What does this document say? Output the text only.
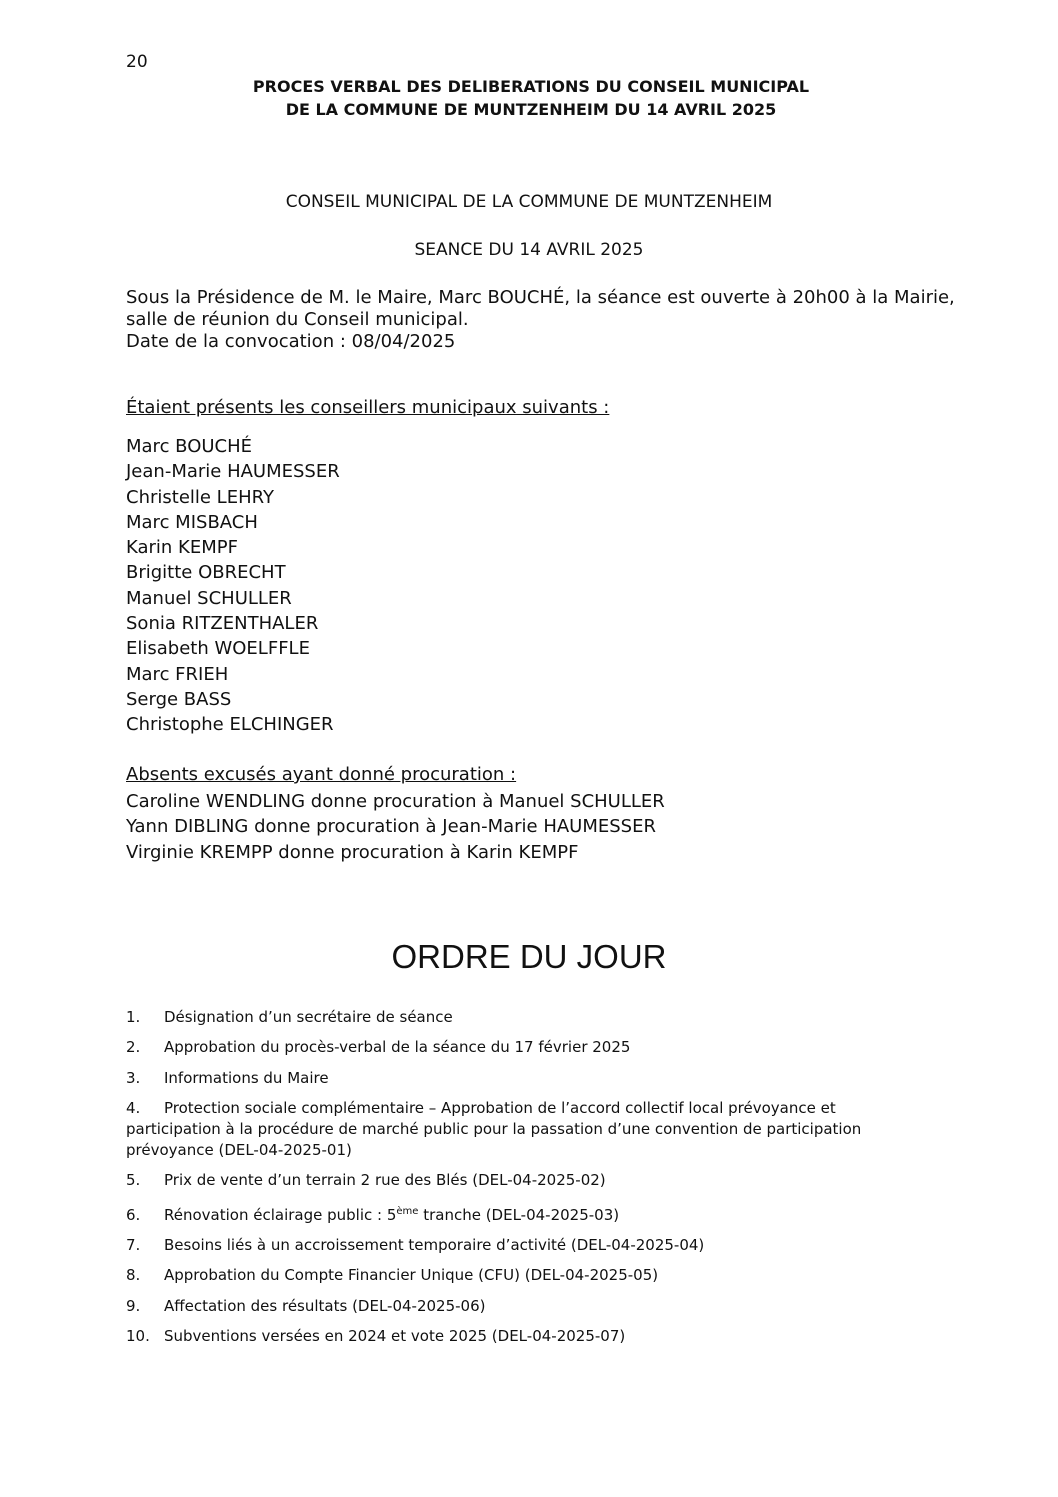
20
PROCES VERBAL DES DELIBERATIONS DU CONSEIL MUNICIPAL
DE LA COMMUNE DE MUNTZENHEIM DU 14 AVRIL 2025
CONSEIL MUNICIPAL DE LA COMMUNE DE MUNTZENHEIM
SEANCE DU 14 AVRIL 2025
Sous la Présidence de M. le Maire, Marc BOUCHÉ, la séance est ouverte à 20h00 à la Mairie,
salle de réunion du Conseil municipal.
Date de la convocation : 08/04/2025
Étaient présents les conseillers municipaux suivants :
Marc BOUCHÉ
Jean-Marie HAUMESSER
Christelle LEHRY
Marc MISBACH
Karin KEMPF
Brigitte OBRECHT
Manuel SCHULLER
Sonia RITZENTHALER
Elisabeth WOELFFLE
Marc FRIEH
Serge BASS
Christophe ELCHINGER
Absents excusés ayant donné procuration :
Caroline WENDLING donne procuration à Manuel SCHULLER
Yann DIBLING donne procuration à Jean-Marie HAUMESSER
Virginie KREMPP donne procuration à Karin KEMPF
ORDRE DU JOUR
1. Désignation d’un secrétaire de séance
2. Approbation du procès-verbal de la séance du 17 février 2025
3. Informations du Maire
4. Protection sociale complémentaire – Approbation de l’accord collectif local prévoyance et participation à la procédure de marché public pour la passation d’une convention de participation prévoyance (DEL-04-2025-01)
5. Prix de vente d’un terrain 2 rue des Blés (DEL-04-2025-02)
6. Rénovation éclairage public : 5ème tranche (DEL-04-2025-03)
7. Besoins liés à un accroissement temporaire d’activité (DEL-04-2025-04)
8. Approbation du Compte Financier Unique (CFU) (DEL-04-2025-05)
9. Affectation des résultats (DEL-04-2025-06)
10. Subventions versées en 2024 et vote 2025 (DEL-04-2025-07)
